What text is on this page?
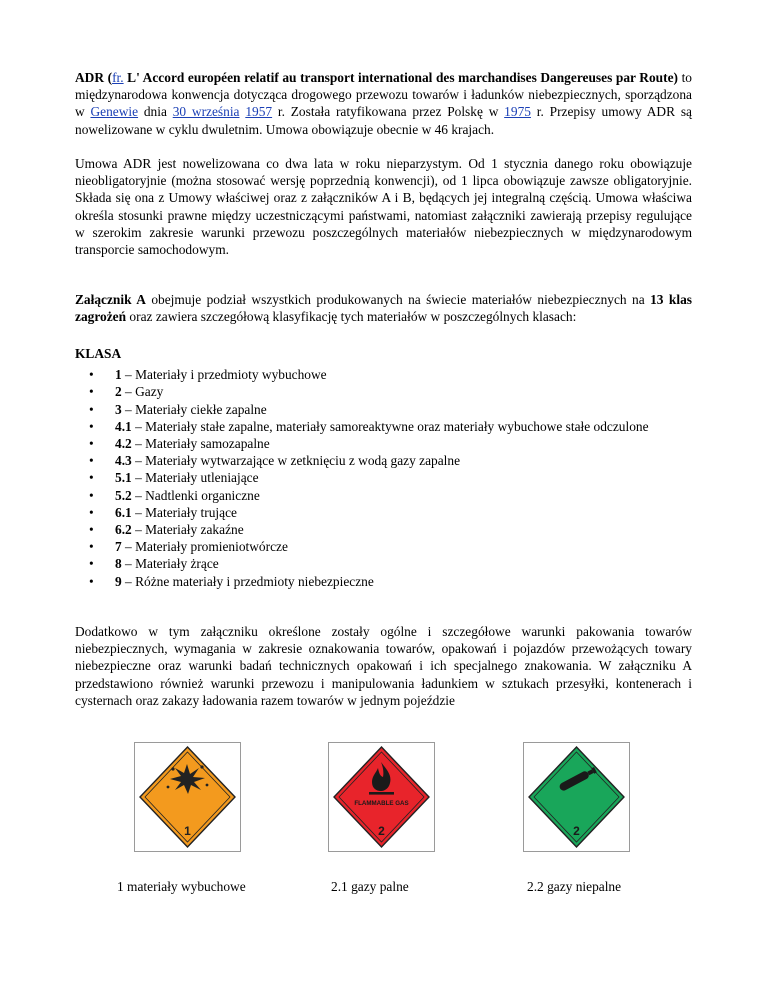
ADR (fr. L' Accord européen relatif au transport international des marchandises Dangereuses par Route) to międzynarodowa konwencja dotycząca drogowego przewozu towarów i ładunków niebezpiecznych, sporządzona w Genewie dnia 30 września 1957 r. Została ratyfikowana przez Polskę w 1975 r. Przepisy umowy ADR są nowelizowane w cyklu dwuletnim. Umowa obowiązuje obecnie w 46 krajach.

Umowa ADR jest nowelizowana co dwa lata w roku nieparzystym. Od 1 stycznia danego roku obowiązuje nieobligatoryjnie (można stosować wersję poprzednią konwencji), od 1 lipca obowiązuje zawsze obligatoryjnie. Składa się ona z Umowy właściwej oraz z załączników A i B, będących jej integralną częścią. Umowa właściwa określa stosunki prawne między uczestniczącymi państwami, natomiast załączniki zawierają przepisy regulujące w szerokim zakresie warunki przewozu poszczególnych materiałów niebezpiecznych w międzynarodowym transporcie samochodowym.

Załącznik A obejmuje podział wszystkich produkowanych na świecie materiałów niebezpiecznych na 13 klas zagrożeń oraz zawiera szczegółową klasyfikację tych materiałów w poszczególnych klasach:

KLASA
• 1 – Materiały i przedmioty wybuchowe
• 2 – Gazy
• 3 – Materiały ciekłe zapalne
• 4.1 – Materiały stałe zapalne, materiały samoreaktywne oraz materiały wybuchowe stałe odczulone
• 4.2 – Materiały samozapalne
• 4.3 – Materiały wytwarzające w zetknięciu z wodą gazy zapalne
• 5.1 – Materiały utleniające
• 5.2 – Nadtlenki organiczne
• 6.1 – Materiały trujące
• 6.2 – Materiały zakaźne
• 7 – Materiały promieniotwórcze
• 8 – Materiały żrące
• 9 – Różne materiały i przedmioty niebezpieczne

Dodatkowo w tym załączniku określone zostały ogólne i szczegółowe warunki pakowania towarów niebezpiecznych, wymagania w zakresie oznakowania towarów, opakowań i pojazdów przewożących towary niebezpieczne oraz warunki badań technicznych opakowań i ich specjalnego znakowania. W załączniku A przedstawiono również warunki przewozu i manipulowania ładunkiem w sztukach przesyłki, kontenerach i cysternach oraz zakazy ładowania razem towarów w jednym pojeździe

1
FLAMMABLE GAS
2	2
1 materiały wybuchowe	2.1 gazy palne	2.2 gazy niepalne
